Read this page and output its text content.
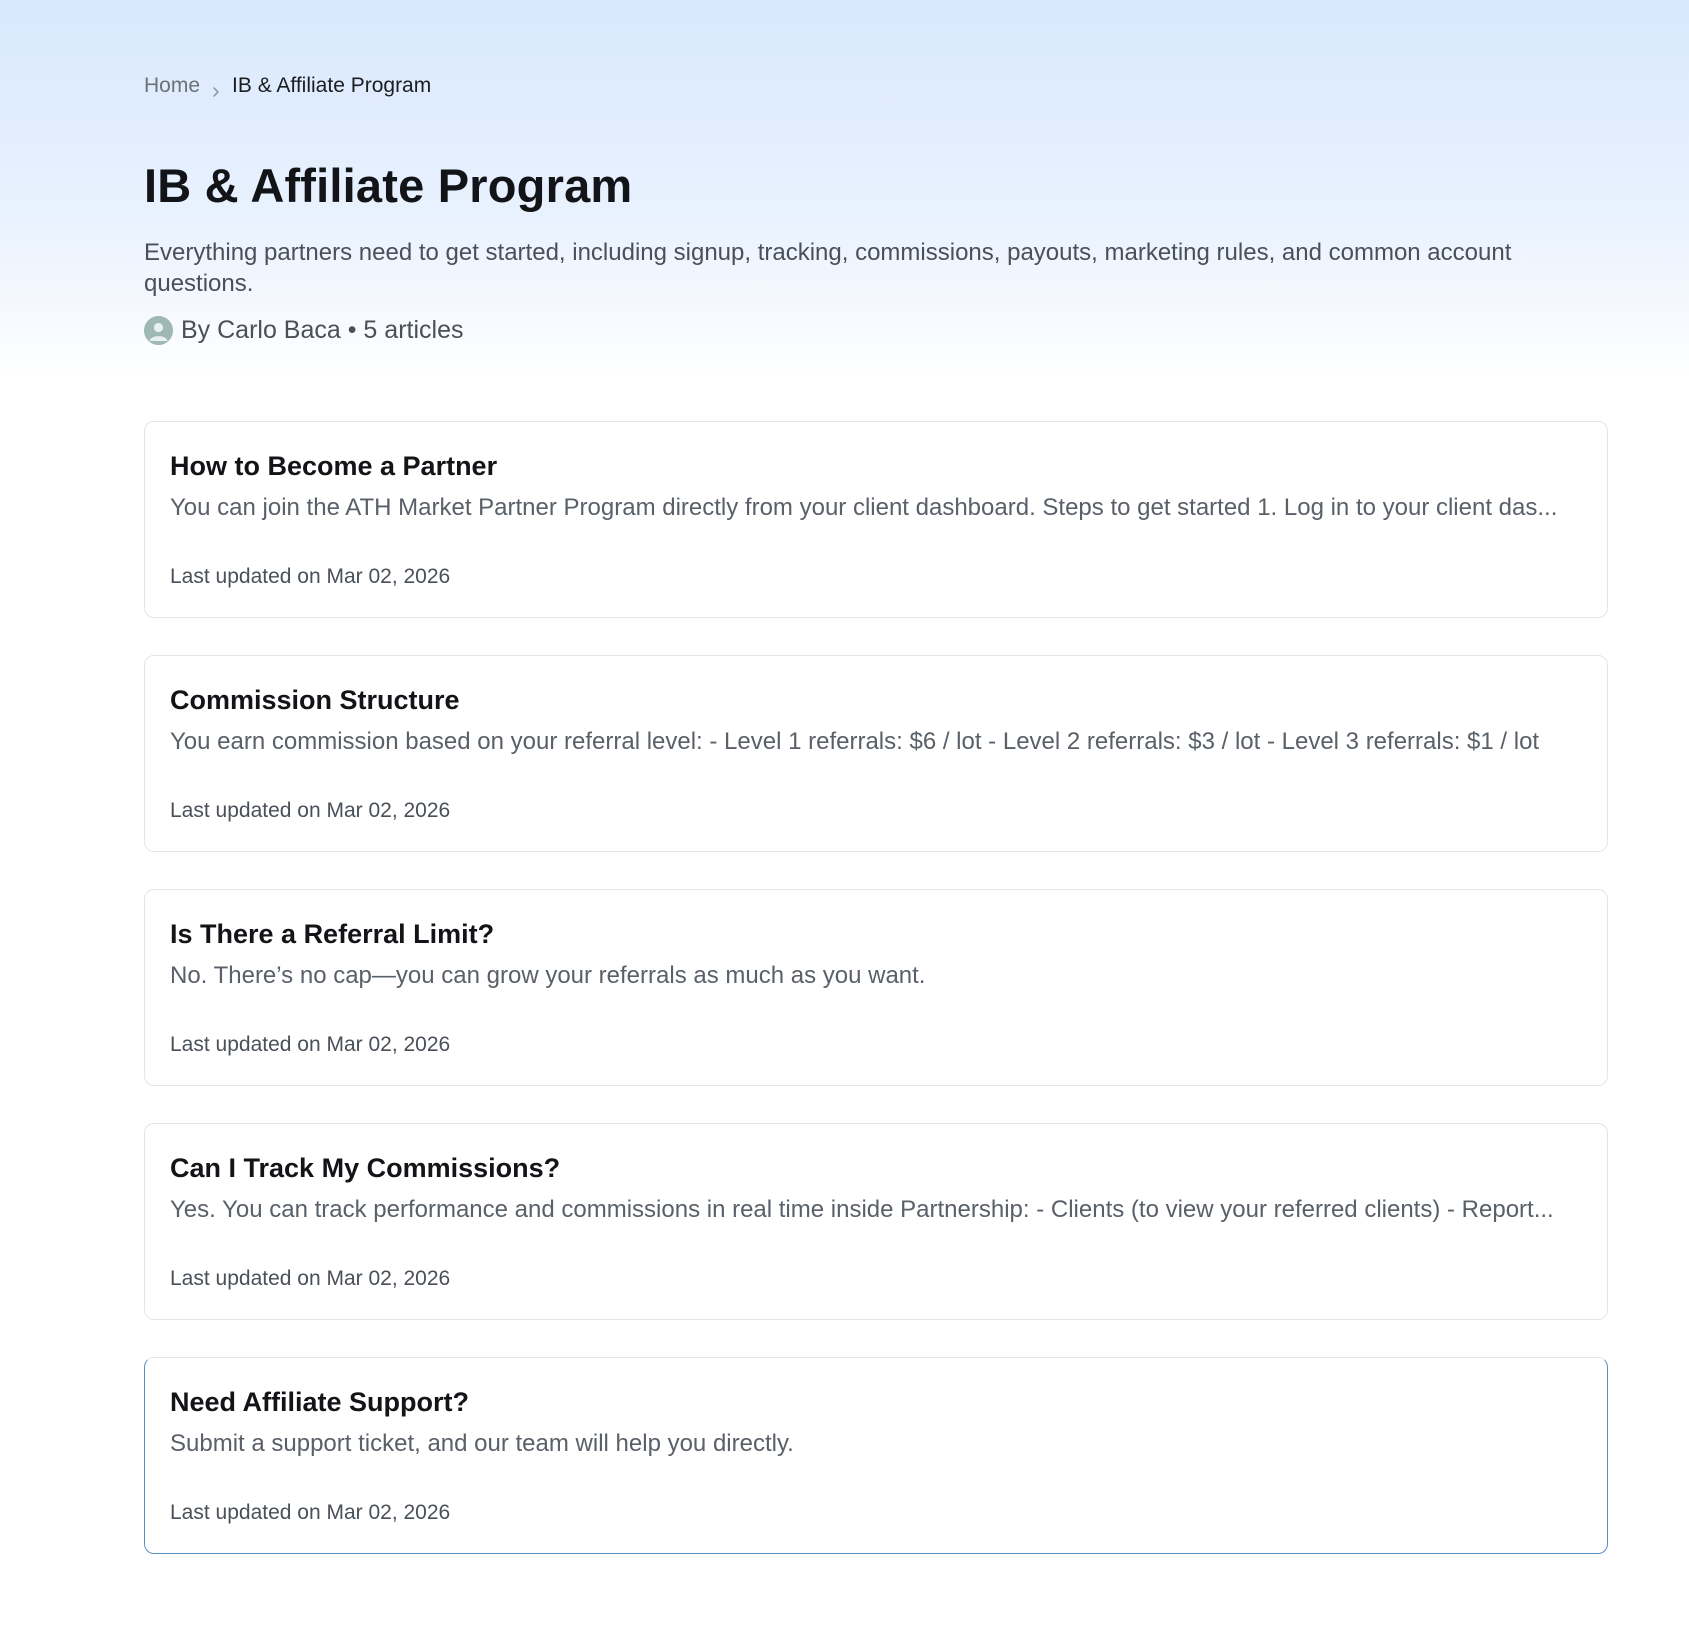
Home IB & Affiliate Program
IB & Affiliate Program

Everything partners need to get started, including signup, tracking, commissions, payouts, marketing rules, and common account questions.

By Carlo Baca • 5 articles
How to Become a Partner

You can join the ATH Market Partner Program directly from your client dashboard. Steps to get started 1. Log in to your client das...

Last updated on Mar 02, 2026
Commission Structure

You earn commission based on your referral level: - Level 1 referrals: $6 / lot - Level 2 referrals: $3 / lot - Level 3 referrals: $1 / lot

Last updated on Mar 02, 2026
Is There a Referral Limit?

No. There’s no cap—you can grow your referrals as much as you want.

Last updated on Mar 02, 2026
Can I Track My Commissions?

Yes. You can track performance and commissions in real time inside Partnership: - Clients (to view your referred clients) - Report...

Last updated on Mar 02, 2026
Need Affiliate Support?

Submit a support ticket, and our team will help you directly.

Last updated on Mar 02, 2026
